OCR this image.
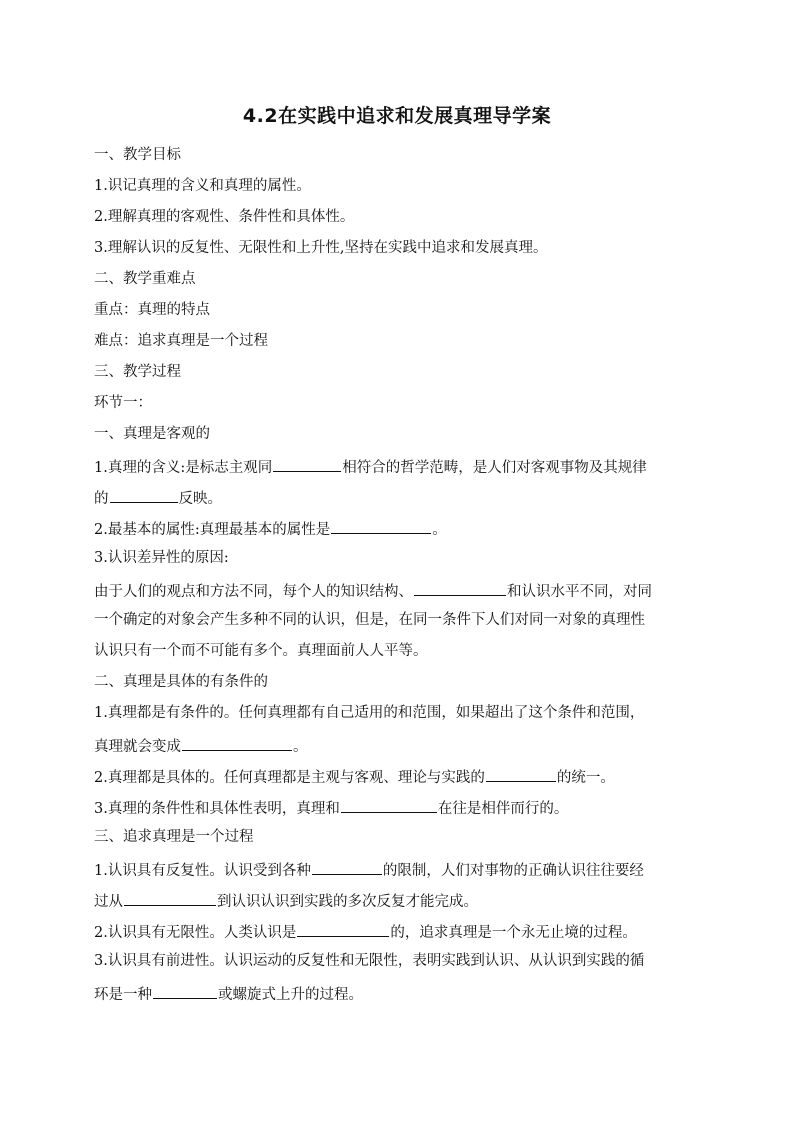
4.2在实践中追求和发展真理导学案
一、教学目标
1.识记真理的含义和真理的属性。
2.理解真理的客观性、条件性和具体性。
3.理解认识的反复性、无限性和上升性,坚持在实践中追求和发展真理。
二、教学重难点
重点：真理的特点
难点：追求真理是一个过程
三、教学过程
环节一：
一、真理是客观的
1.真理的含义:是标志主观同	相符合的哲学范畴，是人们对客观事物及其规律
的	反映。
2.最基本的属性:真理最基本的属性是	。
3.认识差异性的原因:
由于人们的观点和方法不同，每个人的知识结构、	和认识水平不同，对同
一个确定的对象会产生多种不同的认识，但是，在同一条件下人们对同一对象的真理性
认识只有一个而不可能有多个。真理面前人人平等。
二、真理是具体的有条件的
1.真理都是有条件的。任何真理都有自己适用的和范围，如果超出了这个条件和范围，
真理就会变成	。
2.真理都是具体的。任何真理都是主观与客观、理论与实践的	的统一。
3.真理的条件性和具体性表明，真理和	在往是相伴而行的。
三、追求真理是一个过程
1.认识具有反复性。认识受到各种	的限制，人们对事物的正确认识往往要经
过从	到认识认识到实践的多次反复才能完成。
2.认识具有无限性。人类认识是	的，追求真理是一个永无止境的过程。
3.认识具有前进性。认识运动的反复性和无限性，表明实践到认识、从认识到实践的循
环是一种	或螺旋式上升的过程。
